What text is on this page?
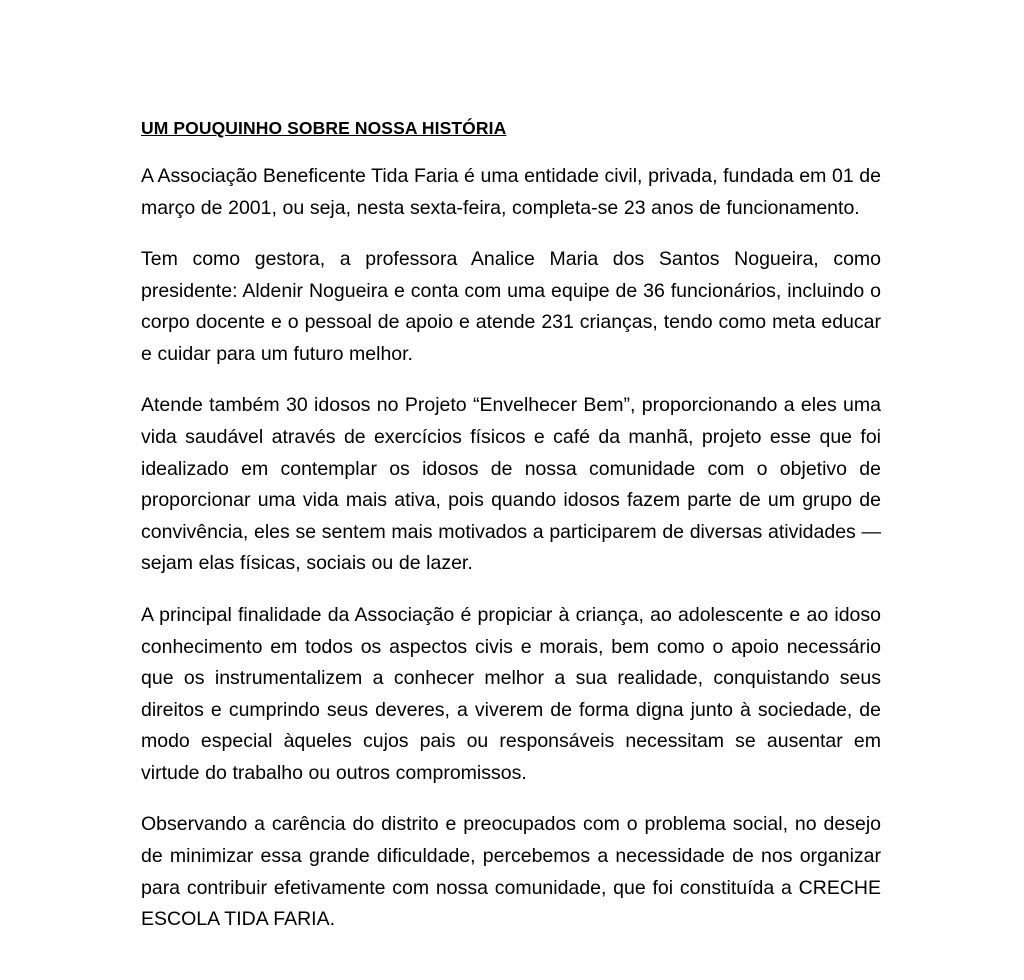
UM POUQUINHO SOBRE NOSSA HISTÓRIA

A Associação Beneficente Tida Faria é uma entidade civil, privada, fundada em 01 de março de 2001, ou seja, nesta sexta-feira, completa-se 23 anos de funcionamento.

Tem como gestora, a professora Analice Maria dos Santos Nogueira, como presidente: Aldenir Nogueira e conta com uma equipe de 36 funcionários, incluindo o corpo docente e o pessoal de apoio e atende 231 crianças, tendo como meta educar e cuidar para um futuro melhor.

Atende também 30 idosos no Projeto “Envelhecer Bem”, proporcionando a eles uma vida saudável através de exercícios físicos e café da manhã, projeto esse que foi idealizado em contemplar os idosos de nossa comunidade com o objetivo de proporcionar uma vida mais ativa, pois quando idosos fazem parte de um grupo de convivência, eles se sentem mais motivados a participarem de diversas atividades — sejam elas físicas, sociais ou de lazer.

A principal finalidade da Associação é propiciar à criança, ao adolescente e ao idoso conhecimento em todos os aspectos civis e morais, bem como o apoio necessário que os instrumentalizem a conhecer melhor a sua realidade, conquistando seus direitos e cumprindo seus deveres, a viverem de forma digna junto à sociedade, de modo especial àqueles cujos pais ou responsáveis necessitam se ausentar em virtude do trabalho ou outros compromissos.

Observando a carência do distrito e preocupados com o problema social, no desejo de minimizar essa grande dificuldade, percebemos a necessidade de nos organizar para contribuir efetivamente com nossa comunidade, que foi constituída a CRECHE ESCOLA TIDA FARIA.
